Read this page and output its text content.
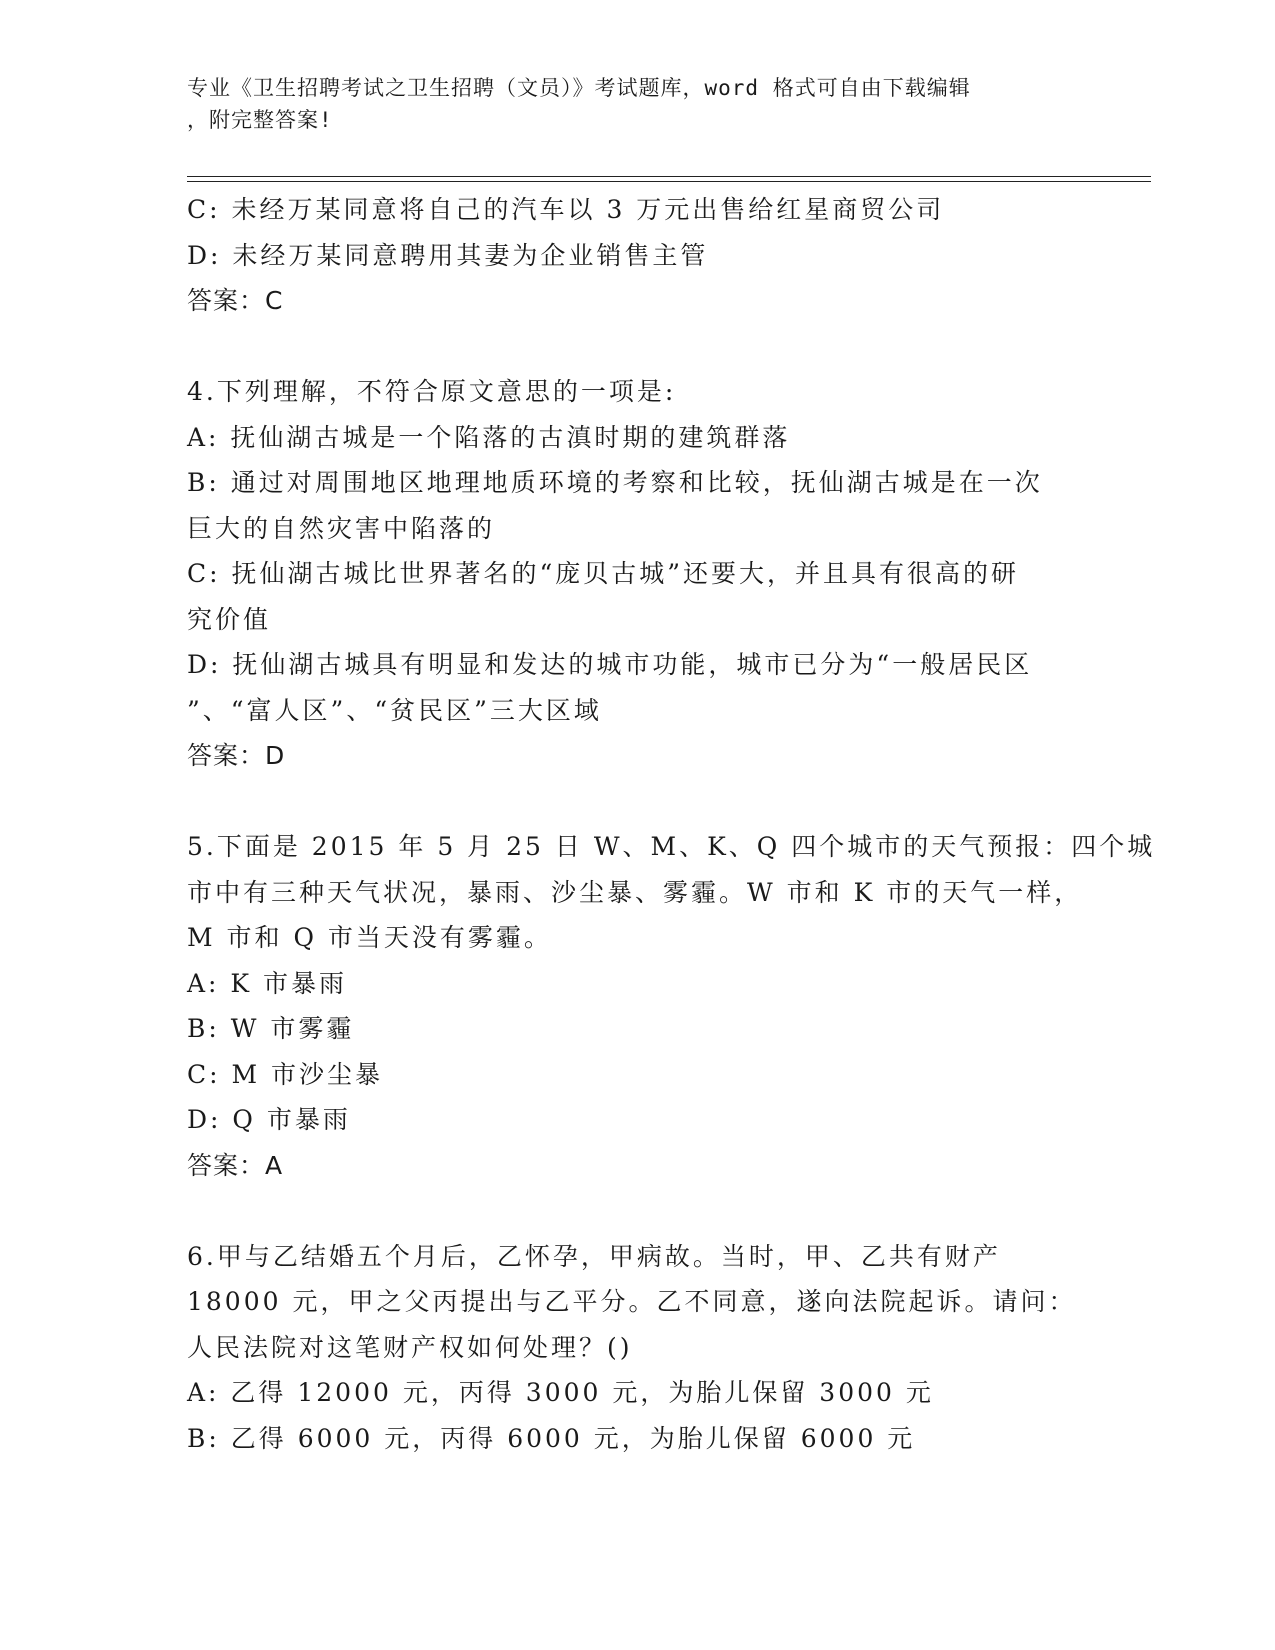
专业《卫生招聘考试之卫生招聘（文员）》考试题库，word 格式可自由下载编辑
，附完整答案!
C: 未经万某同意将自己的汽车以 3 万元出售给红星商贸公司
D: 未经万某同意聘用其妻为企业销售主管
答案：C
4.下列理解，不符合原文意思的一项是:
A: 抚仙湖古城是一个陷落的古滇时期的建筑群落
B: 通过对周围地区地理地质环境的考察和比较，抚仙湖古城是在一次
巨大的自然灾害中陷落的
C: 抚仙湖古城比世界著名的“庞贝古城”还要大，并且具有很高的研
究价值
D: 抚仙湖古城具有明显和发达的城市功能，城市已分为“一般居民区
”、“富人区”、“贫民区”三大区域
答案：D
5.下面是 2015 年 5 月 25 日 W、M、K、Q 四个城市的天气预报：四个城
市中有三种天气状况，暴雨、沙尘暴、雾霾。W 市和 K 市的天气一样，
M 市和 Q 市当天没有雾霾。
A: K 市暴雨
B: W 市雾霾
C: M 市沙尘暴
D: Q 市暴雨
答案：A
6.甲与乙结婚五个月后，乙怀孕，甲病故。当时，甲、乙共有财产
18000 元，甲之父丙提出与乙平分。乙不同意，遂向法院起诉。请问：
人民法院对这笔财产权如何处理？()
A: 乙得 12000 元，丙得 3000 元，为胎儿保留 3000 元
B: 乙得 6000 元，丙得 6000 元，为胎儿保留 6000 元
